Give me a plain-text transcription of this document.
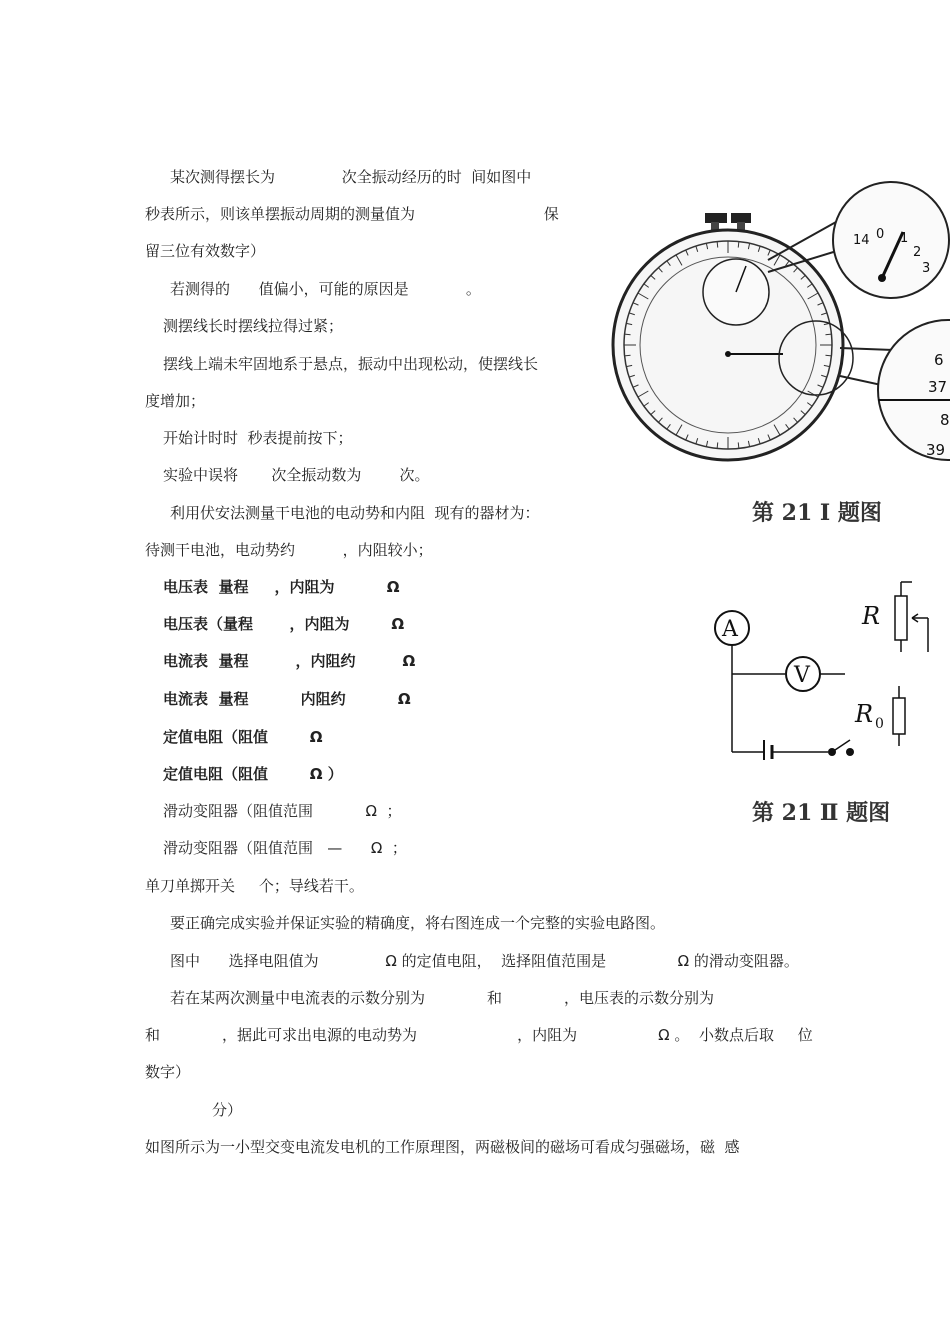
某次测得摆长为              次全振动经历的时  间如图中
秒表所示，则该单摆振动周期的测量值为                           保
留三位有效数字）
若测得的      值偏小，可能的原因是            。
测摆线长时摆线拉得过紧；
摆线上端未牢固地系于悬点，振动中出现松动，使摆线长
度增加；
开始计时时  秒表提前按下；
实验中误将       次全振动数为        次。
利用伏安法测量干电池的电动势和内阻  现有的器材为：
待测干电池，电动势约          ，内阻较小；
电压表  量程     ，内阻为          Ω
电压表（量程       ，内阻为        Ω
电流表  量程         ，内阻约         Ω
电流表  量程          内阻约          Ω
定值电阻（阻值        Ω
定值电阻（阻值        Ω ）
滑动变阻器（阻值范围           Ω  ；
滑动变阻器（阻值范围   —      Ω  ；
单刀单掷开关     个；导线若干。
要正确完成实验并保证实验的精确度，将右图连成一个完整的实验电路图。
图中      选择电阻值为              Ω 的定值电阻，  选择阻值范围是               Ω 的滑动变阻器。
若在某两次测量中电流表的示数分别为             和             ，电压表的示数分别为
和             ，据此可求出电源的电动势为                     ，内阻为                 Ω 。  小数点后取     位
数字）
分）
如图所示为一小型交变电流发电机的工作原理图，两磁极间的磁场可看成匀强磁场，磁  感
14 0 1
2
3
6
37
8
39
第 21 Ⅰ 题图
A
V
R
R 0
第 21 Ⅱ 题图
